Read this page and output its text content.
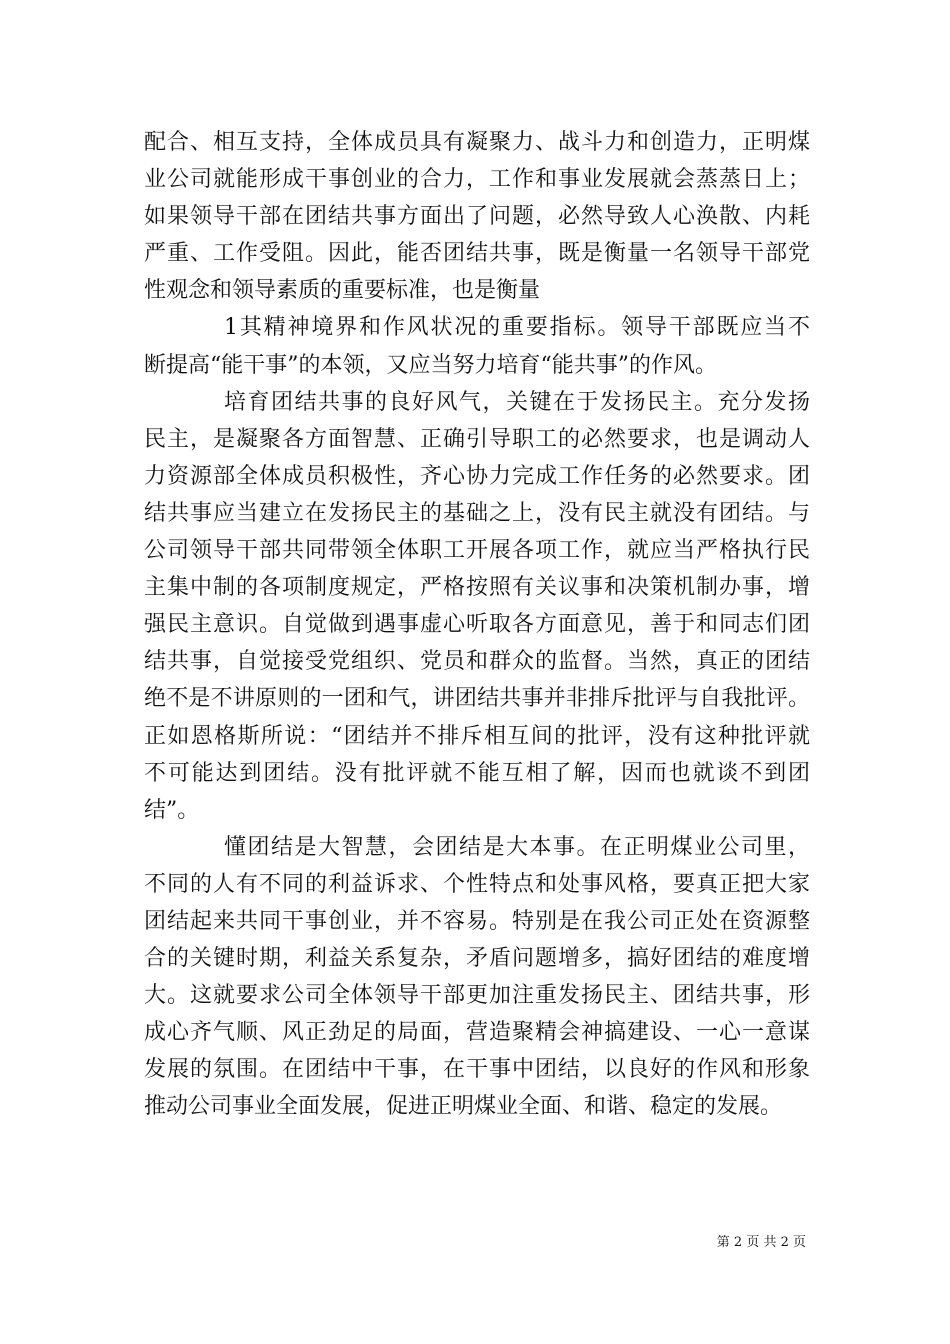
配合、相互支持，全体成员具有凝聚力、战斗力和创造力，正明煤
业公司就能形成干事创业的合力，工作和事业发展就会蒸蒸日上；
如果领导干部在团结共事方面出了问题，必然导致人心涣散、内耗
严重、工作受阻。因此，能否团结共事，既是衡量一名领导干部党
性观念和领导素质的重要标准，也是衡量
1其精神境界和作风状况的重要指标。领导干部既应当不
断提高“能干事”的本领，又应当努力培育“能共事”的作风。
培育团结共事的良好风气，关键在于发扬民主。充分发扬
民主，是凝聚各方面智慧、正确引导职工的必然要求，也是调动人
力资源部全体成员积极性，齐心协力完成工作任务的必然要求。团
结共事应当建立在发扬民主的基础之上，没有民主就没有团结。与
公司领导干部共同带领全体职工开展各项工作，就应当严格执行民
主集中制的各项制度规定，严格按照有关议事和决策机制办事，增
强民主意识。自觉做到遇事虚心听取各方面意见，善于和同志们团
结共事，自觉接受党组织、党员和群众的监督。当然，真正的团结
绝不是不讲原则的一团和气，讲团结共事并非排斥批评与自我批评。
正如恩格斯所说：“团结并不排斥相互间的批评，没有这种批评就
不可能达到团结。没有批评就不能互相了解，因而也就谈不到团
结”。
懂团结是大智慧，会团结是大本事。在正明煤业公司里，
不同的人有不同的利益诉求、个性特点和处事风格，要真正把大家
团结起来共同干事创业，并不容易。特别是在我公司正处在资源整
合的关键时期，利益关系复杂，矛盾问题增多，搞好团结的难度增
大。这就要求公司全体领导干部更加注重发扬民主、团结共事，形
成心齐气顺、风正劲足的局面，营造聚精会神搞建设、一心一意谋
发展的氛围。在团结中干事，在干事中团结，以良好的作风和形象
推动公司事业全面发展，促进正明煤业全面、和谐、稳定的发展。
第 2 页 共 2 页
